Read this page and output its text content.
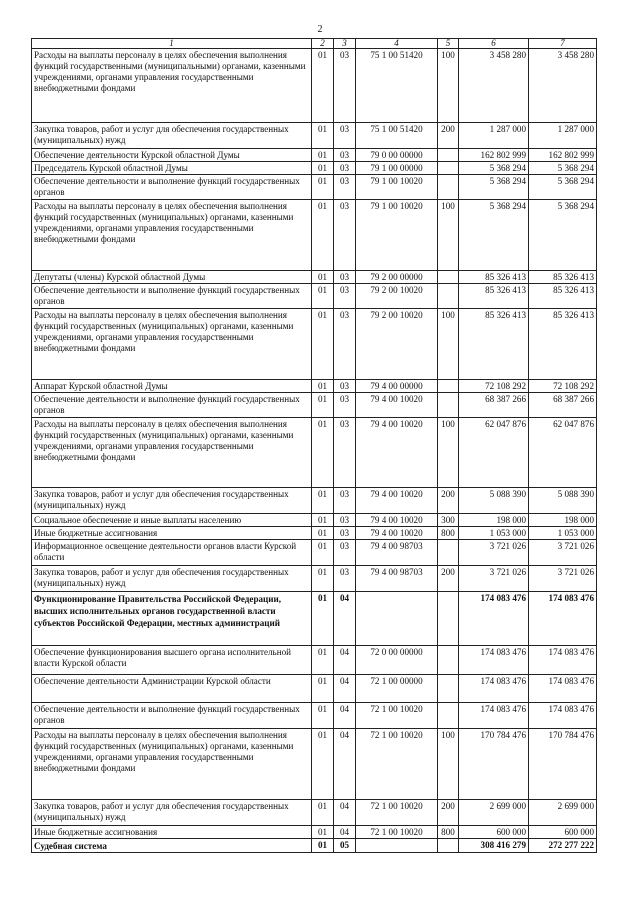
2
1	2	3	4	5	6	7
Расходы на выплаты персоналу в целях обеспечения выполнения функций государственными (муниципальными) органами, казенными учреждениями, органами управления государственными внебюджетными фондами	01	03	75 1 00 51420	100	3 458 280	3 458 280
Закупка товаров, работ и услуг для обеспечения государственных (муниципальных) нужд	01	03	75 1 00 51420	200	1 287 000	1 287 000
Обеспечение деятельности Курской областной Думы	01	03	79 0 00 00000		162 802 999	162 802 999
Председатель Курской областной Думы	01	03	79 1 00 00000		5 368 294	5 368 294
Обеспечение деятельности и выполнение функций государственных органов	01	03	79 1 00 10020		5 368 294	5 368 294
Расходы на выплаты персоналу в целях обеспечения выполнения функций государственных (муниципальных) органами, казенными учреждениями, органами управления государственными внебюджетными фондами	01	03	79 1 00 10020	100	5 368 294	5 368 294
Депутаты (члены) Курской областной Думы	01	03	79 2 00 00000		85 326 413	85 326 413
Обеспечение деятельности и выполнение функций государственных органов	01	03	79 2 00 10020		85 326 413	85 326 413
Расходы на выплаты персоналу в целях обеспечения выполнения функций государственных (муниципальных) органами, казенными учреждениями, органами управления государственными внебюджетными фондами	01	03	79 2 00 10020	100	85 326 413	85 326 413
Аппарат Курской областной Думы	01	03	79 4 00 00000		72 108 292	72 108 292
Обеспечение деятельности и выполнение функций государственных органов	01	03	79 4 00 10020		68 387 266	68 387 266
Расходы на выплаты персоналу в целях обеспечения выполнения функций государственных (муниципальных) органами, казенными учреждениями, органами управления государственными внебюджетными фондами	01	03	79 4 00 10020	100	62 047 876	62 047 876
Закупка товаров, работ и услуг для обеспечения государственных (муниципальных) нужд	01	03	79 4 00 10020	200	5 088 390	5 088 390
Социальное обеспечение и иные выплаты населению	01	03	79 4 00 10020	300	198 000	198 000
Иные бюджетные ассигнования	01	03	79 4 00 10020	800	1 053 000	1 053 000
Информационное освещение деятельности органов власти Курской области	01	03	79 4 00 98703		3 721 026	3 721 026
Закупка товаров, работ и услуг для обеспечения государственных (муниципальных) нужд	01	03	79 4 00 98703	200	3 721 026	3 721 026
Функционирование Правительства Российской Федерации, высших исполнительных органов государственной власти субъектов Российской Федерации, местных администраций	01	04			174 083 476	174 083 476
Обеспечение функционирования высшего органа исполнительной власти Курской области	01	04	72 0 00 00000		174 083 476	174 083 476
Обеспечение деятельности Администрации Курской области	01	04	72 1 00 00000		174 083 476	174 083 476
Обеспечение деятельности и выполнение функций государственных органов	01	04	72 1 00 10020		174 083 476	174 083 476
Расходы на выплаты персоналу в целях обеспечения выполнения функций государственных (муниципальных) органами, казенными учреждениями, органами управления государственными внебюджетными фондами	01	04	72 1 00 10020	100	170 784 476	170 784 476
Закупка товаров, работ и услуг для обеспечения государственных (муниципальных) нужд	01	04	72 1 00 10020	200	2 699 000	2 699 000
Иные бюджетные ассигнования	01	04	72 1 00 10020	800	600 000	600 000
Судебная система	01	05			308 416 279	272 277 222
